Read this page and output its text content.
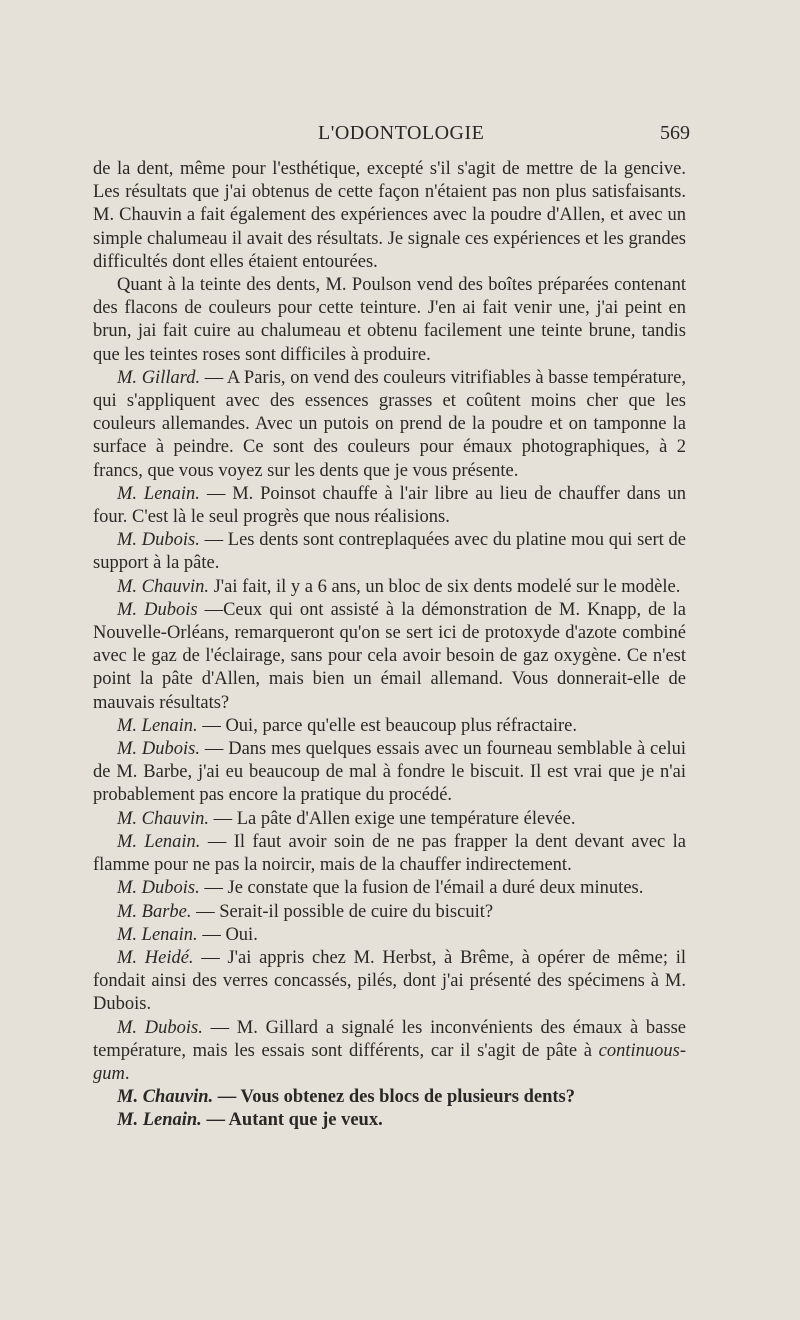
L'ODONTOLOGIE	569

de la dent, même pour l'esthétique, excepté s'il s'agit de mettre de la gencive. Les résultats que j'ai obtenus de cette façon n'étaient pas non plus satisfaisants. M. Chauvin a fait également des expériences avec la poudre d'Allen, et avec un simple chalumeau il avait des résultats. Je signale ces expériences et les grandes difficultés dont elles étaient entourées.

Quant à la teinte des dents, M. Poulson vend des boîtes préparées contenant des flacons de couleurs pour cette teinture. J'en ai fait venir une, j'ai peint en brun, jai fait cuire au chalumeau et obtenu facilement une teinte brune, tandis que les teintes roses sont difficiles à produire.

M. Gillard. — A Paris, on vend des couleurs vitrifiables à basse température, qui s'appliquent avec des essences grasses et coûtent moins cher que les couleurs allemandes. Avec un putois on prend de la poudre et on tamponne la surface à peindre. Ce sont des couleurs pour émaux photographiques, à 2 francs, que vous voyez sur les dents que je vous présente.

M. Lenain. — M. Poinsot chauffe à l'air libre au lieu de chauffer dans un four. C'est là le seul progrès que nous réalisions.

M. Dubois. — Les dents sont contreplaquées avec du platine mou qui sert de support à la pâte.

M. Chauvin. J'ai fait, il y a 6 ans, un bloc de six dents modelé sur le modèle.

M. Dubois —Ceux qui ont assisté à la démonstration de M. Knapp, de la Nouvelle-Orléans, remarqueront qu'on se sert ici de protoxyde d'azote combiné avec le gaz de l'éclairage, sans pour cela avoir besoin de gaz oxygène. Ce n'est point la pâte d'Allen, mais bien un émail allemand. Vous donnerait-elle de mauvais résultats?

M. Lenain. — Oui, parce qu'elle est beaucoup plus réfractaire.

M. Dubois. — Dans mes quelques essais avec un fourneau semblable à celui de M. Barbe, j'ai eu beaucoup de mal à fondre le biscuit. Il est vrai que je n'ai probablement pas encore la pratique du procédé.

M. Chauvin. — La pâte d'Allen exige une température élevée.

M. Lenain. — Il faut avoir soin de ne pas frapper la dent devant avec la flamme pour ne pas la noircir, mais de la chauffer indirectement.

M. Dubois. — Je constate que la fusion de l'émail a duré deux minutes.

M. Barbe. — Serait-il possible de cuire du biscuit?

M. Lenain. — Oui.

M. Heidé. — J'ai appris chez M. Herbst, à Brême, à opérer de même; il fondait ainsi des verres concassés, pilés, dont j'ai présenté des spécimens à M. Dubois.

M. Dubois. — M. Gillard a signalé les inconvénients des émaux à basse température, mais les essais sont différents, car il s'agit de pâte à continuous-gum.

M. Chauvin. — Vous obtenez des blocs de plusieurs dents?

M. Lenain. — Autant que je veux.
